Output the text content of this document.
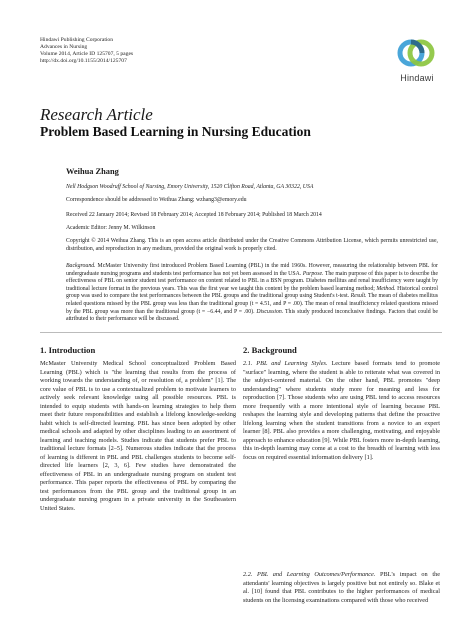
Hindawi Publishing Corporation
Advances in Nursing
Volume 2014, Article ID 125707, 5 pages
http://dx.doi.org/10.1155/2014/125707
Hindawi
Research Article
Problem Based Learning in Nursing Education
Weihua Zhang
Nell Hodgson Woodruff School of Nursing, Emory University, 1520 Clifton Road, Atlanta, GA 30322, USA
Correspondence should be addressed to Weihua Zhang; wzhang3@emory.edu
Received 22 January 2014; Revised 18 February 2014; Accepted 18 February 2014; Published 18 March 2014
Academic Editor: Jenny M. Wilkinson
Copyright © 2014 Weihua Zhang. This is an open access article distributed under the Creative Commons Attribution License, which permits unrestricted use, distribution, and reproduction in any medium, provided the original work is properly cited.
Background. McMaster University first introduced Problem Based Learning (PBL) in the mid 1960s. However, measuring the relationship between PBL for undergraduate nursing programs and students test performance has not yet been assessed in the USA. Purpose. The main purpose of this paper is to describe the effectiveness of PBL on senior student test performance on content related to PBL in a BSN program. Diabetes mellitus and renal insufficiency were taught by traditional lecture format in the previous years. This was the first year we taught this content by the problem based learning method; Method. Historical control group was used to compare the test performances between the PBL groups and the traditional group using Student's t-test. Result. The mean of diabetes mellitus related questions missed by the PBL group was less than the traditional group (t = 4.51, and P = .00). The mean of renal insufficiency related questions missed by the PBL group was more than the traditional group (t = −6.44, and P = .00). Discussion. This study produced inconclusive findings. Factors that could be attributed to their performance will be discussed.
1. Introduction	2. Background

McMaster University Medical School conceptualized Problem Based Learning (PBL) which is "the learning that results from the process of working towards the understanding of, or resolution of, a problem" [1]. The core value of PBL is to use a contextualized problem to motivate learners to actively seek relevant knowledge using all possible resources. PBL is intended to equip students with hands-on learning strategies to help them meet their future responsibilities and establish a lifelong knowledge-seeking habit which is self-directed learning. PBL has since been adopted by other medical schools and adapted by other disciplines leading to an assortment of learning and teaching models. Studies indicate that students prefer PBL to traditional lecture formats [2–5]. Numerous studies indicate that the process of learning is different in PBL and PBL challenges students to become self-directed life learners [2, 3, 6]. Few studies have demonstrated the effectiveness of PBL in an undergraduate nursing program on student test performance. This paper reports the effectiveness of PBL by comparing the test performances from the PBL group and the traditional group in an undergraduate nursing program in a private university in the Southeastern United States.

2.1. PBL and Learning Styles. Lecture based formats tend to promote "surface" learning, where the student is able to reiterate what was covered in the subject-centered material. On the other hand, PBL promotes "deep understanding" where students study more for meaning and less for reproduction [7]. Those students who are using PBL tend to access resources more frequently with a more intentional style of learning because PBL reshapes the learning style and developing patterns that define the proactive lifelong learning when the student transitions from a novice to an expert learner [8]. PBL also provides a more challenging, motivating, and enjoyable approach to enhance education [9]. While PBL fosters more in-depth learning, this in-depth learning may come at a cost to the breadth of learning with less focus on required essential information delivery [1].

2.2. PBL and Learning Outcomes/Performance. PBL's impact on the attendants' learning objectives is largely positive but not entirely so. Blake et al. [10] found that PBL contributes to the higher performances of medical students on the licensing examinations compared with those who received
